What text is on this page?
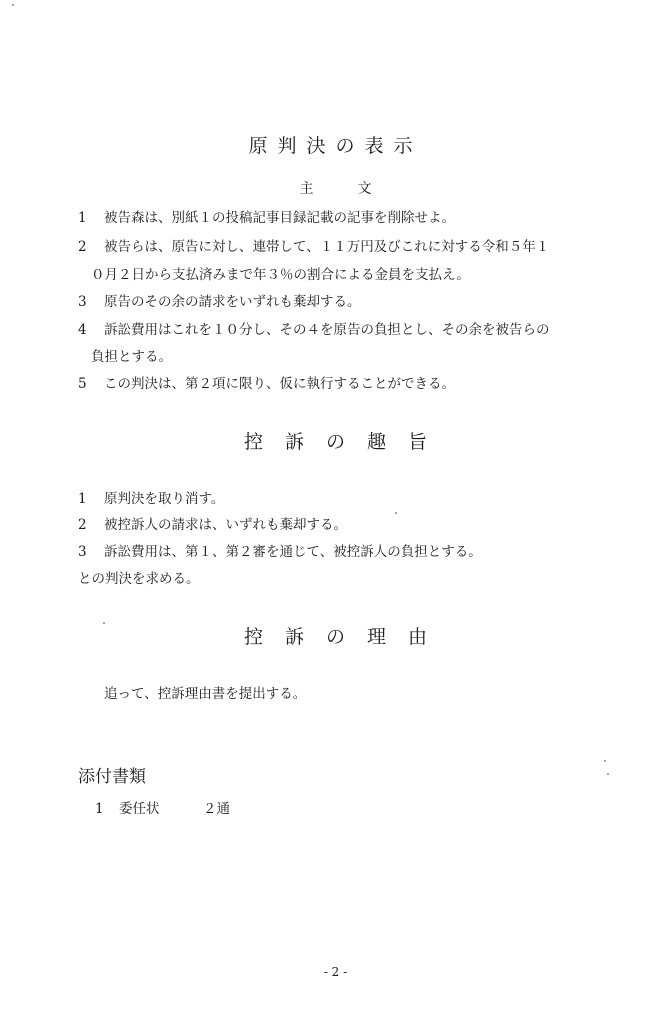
原判決の表示
主文
1 被告森は、別紙１の投稿記事目録記載の記事を削除せよ。
2 被告らは、原告に対し、連帯して、１１万円及びこれに対する令和５年１
０月２日から支払済みまで年３％の割合による金員を支払え。
3 原告のその余の請求をいずれも棄却する。
4 訴訟費用はこれを１０分し、その４を原告の負担とし、その余を被告らの
負担とする。
5 この判決は、第２項に限り、仮に執行することができる。
控訴の趣旨
1 原判決を取り消す。
2 被控訴人の請求は、いずれも棄却する。
3 訴訟費用は、第１、第２審を通じて、被控訴人の負担とする。
との判決を求める。
控訴の理由
追って、控訴理由書を提出する。
添付書類
1 委任状	２通
- 2 -
